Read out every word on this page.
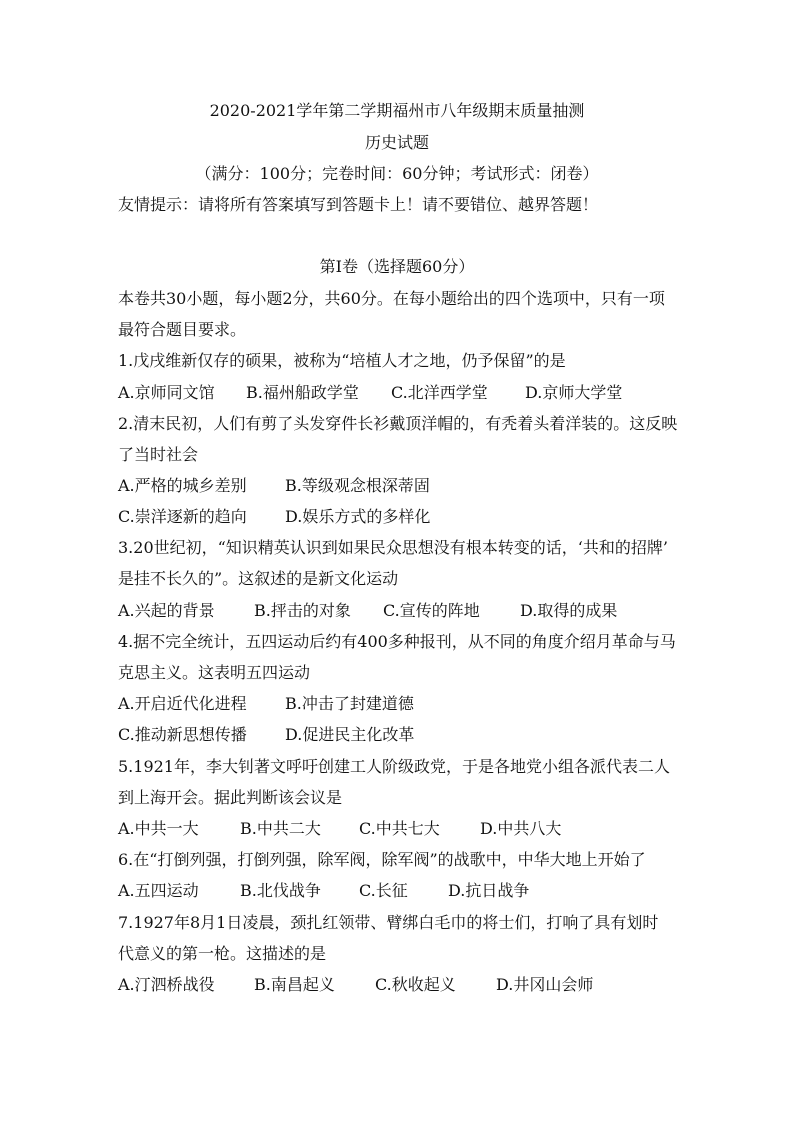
2020-2021学年第二学期福州市八年级期末质量抽测
历史试题
（满分：100分；完卷时间：60分钟；考试形式：闭卷）
友情提示：请将所有答案填写到答题卡上！请不要错位、越界答题！
第Ⅰ卷（选择题60分）
本卷共30小题，每小题2分，共60分。在每小题给出的四个选项中，只有一项
最符合题目要求。
1.戊戌维新仅存的硕果，被称为“培植人才之地，仍予保留”的是
A.京师同文馆 B.福州船政学堂 C.北洋西学堂 D.京师大学堂
2.清末民初，人们有剪了头发穿件长衫戴顶洋帽的，有秃着头着洋装的。这反映
了当时社会
A.严格的城乡差别 B.等级观念根深蒂固
C.崇洋逐新的趋向 D.娱乐方式的多样化
3.20世纪初，“知识精英认识到如果民众思想没有根本转变的话，‘共和的招牌’
是挂不长久的”。这叙述的是新文化运动
A.兴起的背景 B.抨击的对象 C.宣传的阵地	D.取得的成果
4.据不完全统计，五四运动后约有400多种报刊，从不同的角度介绍月革命与马
克思主义。这表明五四运动
A.开启近代化进程 B.冲击了封建道德
C.推动新思想传播 D.促进民主化改革
5.1921年，李大钊著文呼吁创建工人阶级政党，于是各地党小组各派代表二人
到上海开会。据此判断该会议是
A.中共一大	B.中共二大 C.中共七大	D.中共八大
6.在“打倒列强，打倒列强，除军阀，除军阀”的战歌中，中华大地上开始了
A.五四运动	B.北伐战争 C.长征	D.抗日战争
7.1927年8月1日凌晨，颈扎红领带、臂绑白毛巾的将士们，打响了具有划时
代意义的第一枪。这描述的是
A.汀泗桥战役 B.南昌起义	C.秋收起义	D.井冈山会师
